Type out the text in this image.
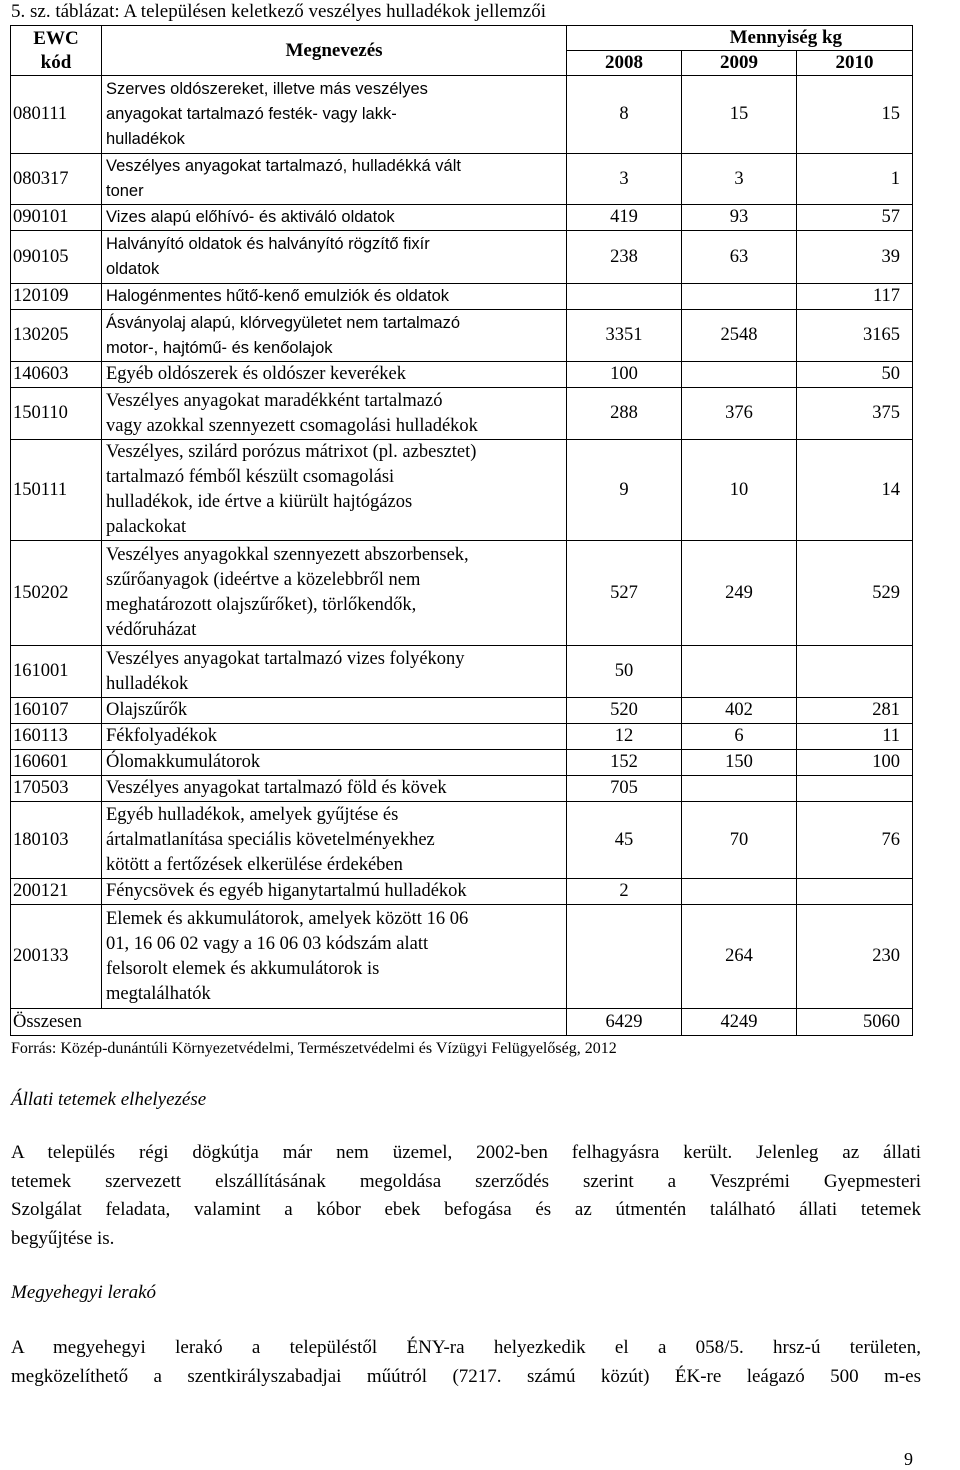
5. sz. táblázat: A településen keletkező veszélyes hulladékok jellemzői
EWC
kód	Megnevezés	Mennyiség kg		
		2008	2009	2010
080111	Szerves oldószereket, illetve más veszélyes
anyagokat tartalmazó festék- vagy lakk-
hulladékok	8	15	15
080317	Veszélyes anyagokat tartalmazó, hulladékká vált
toner	3	3	1
090101	Vizes alapú előhívó- és aktiváló oldatok	419	93	57
090105	Halványító oldatok és halványító rögzítő fixír
oldatok	238	63	39
120109	Halogénmentes hűtő-kenő emulziók és oldatok			117
130205	Ásványolaj alapú, klórvegyületet nem tartalmazó
motor-, hajtómű- és kenőolajok	3351	2548	3165
140603	Egyéb oldószerek és oldószer keverékek	100		50
150110	Veszélyes anyagokat maradékként tartalmazó
vagy azokkal szennyezett csomagolási hulladékok	288	376	375
150111	Veszélyes, szilárd porózus mátrixot (pl. azbesztet)
tartalmazó fémből készült csomagolási
hulladékok, ide értve a kiürült hajtógázos
palackokat	9	10	14
150202	Veszélyes anyagokkal szennyezett abszorbensek,
szűrőanyagok (ideértve a közelebbről nem
meghatározott olajszűrőket), törlőkendők,
védőruházat	527	249	529
161001	Veszélyes anyagokat tartalmazó vizes folyékony
hulladékok	50		
160107	Olajszűrők	520	402	281
160113	Fékfolyadékok	12	6	11
160601	Ólomakkumulátorok	152	150	100
170503	Veszélyes anyagokat tartalmazó föld és kövek	705		
180103	Egyéb hulladékok, amelyek gyűjtése és
ártalmatlanítása speciális követelményekhez
kötött a fertőzések elkerülése érdekében	45	70	76
200121	Fénycsövek és egyéb higanytartalmú hulladékok	2		
200133	Elemek és akkumulátorok, amelyek között 16 06
01, 16 06 02 vagy a 16 06 03 kódszám alatt
felsorolt elemek és akkumulátorok is
megtalálhatók		264	230
Összesen		6429	4249	5060
Forrás: Közép-dunántúli Környezetvédelmi, Természetvédelmi és Vízügyi Felügyelőség, 2012
Állati tetemek elhelyezése
A település régi dögkútja már nem üzemel, 2002-ben felhagyásra került. Jelenleg az állati
tetemek szervezett elszállításának megoldása szerződés szerint a Veszprémi Gyepmesteri
Szolgálat feladata, valamint a kóbor ebek befogása és az útmentén található állati tetemek
begyűjtése is.
Megyehegyi lerakó
A megyehegyi lerakó a településtől ÉNY-ra helyezkedik el a 058/5. hrsz-ú területen,
megközelíthető a szentkirályszabadjai műútról (7217. számú közút) ÉK-re leágazó 500 m-es
9
